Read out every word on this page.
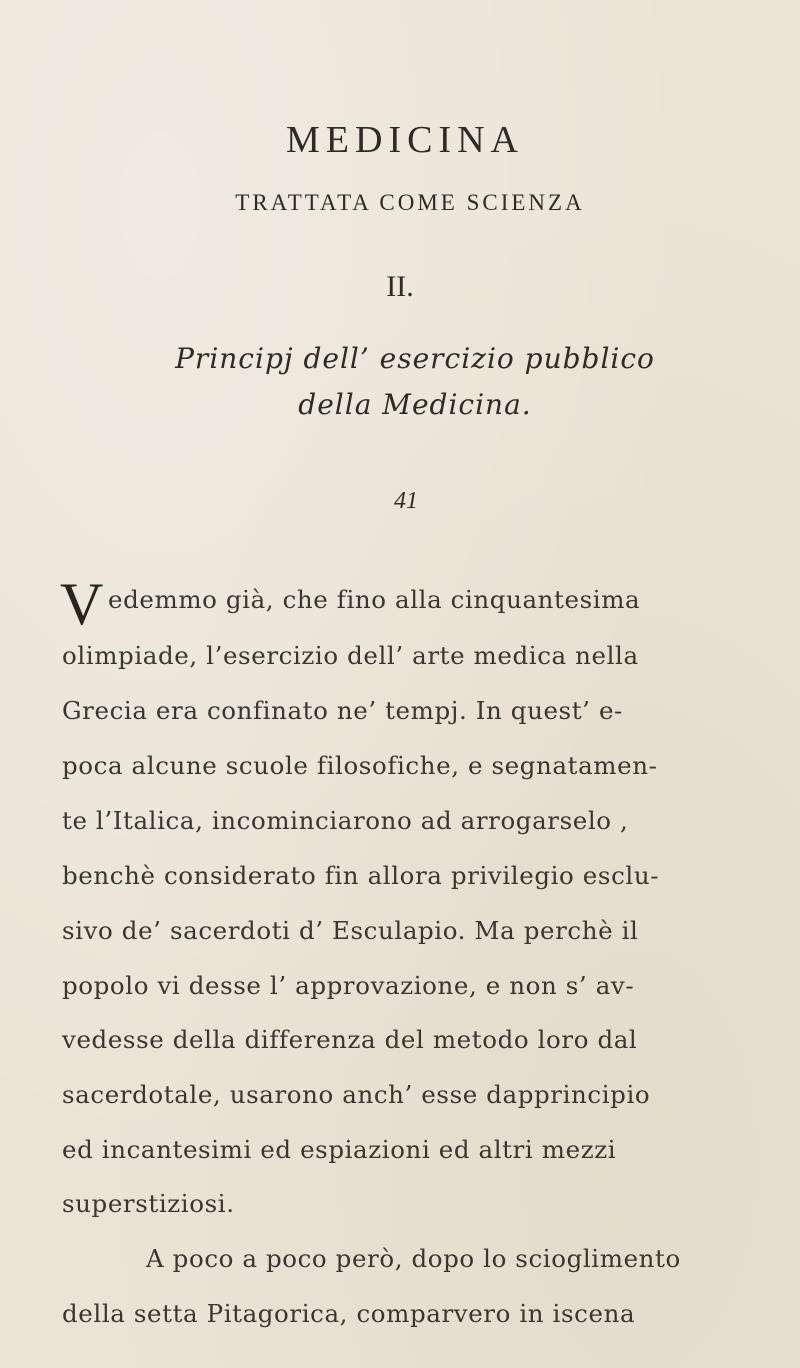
MEDICINA
TRATTATA COME SCIENZA
II.
Principj dell’ esercizio pubblico
della Medicina.
41
V edemmo già, che fino alla cinquantesima
olimpiade, l’esercizio dell’ arte medica nella
Grecia era confinato ne’ tempj. In quest’ e-
poca alcune scuole filosofiche, e segnatamen-
te l’Italica, incominciarono ad arrogarselo ,
benchè considerato fin allora privilegio esclu-
sivo de’ sacerdoti d’ Esculapio. Ma perchè il
popolo vi desse l’ approvazione, e non s’ av-
vedesse della differenza del metodo loro dal
sacerdotale, usarono anch’ esse dapprincipio
ed incantesimi ed espiazioni ed altri mezzi
superstiziosi.
A poco a poco però, dopo lo scioglimento
della setta Pitagorica, comparvero in iscena
